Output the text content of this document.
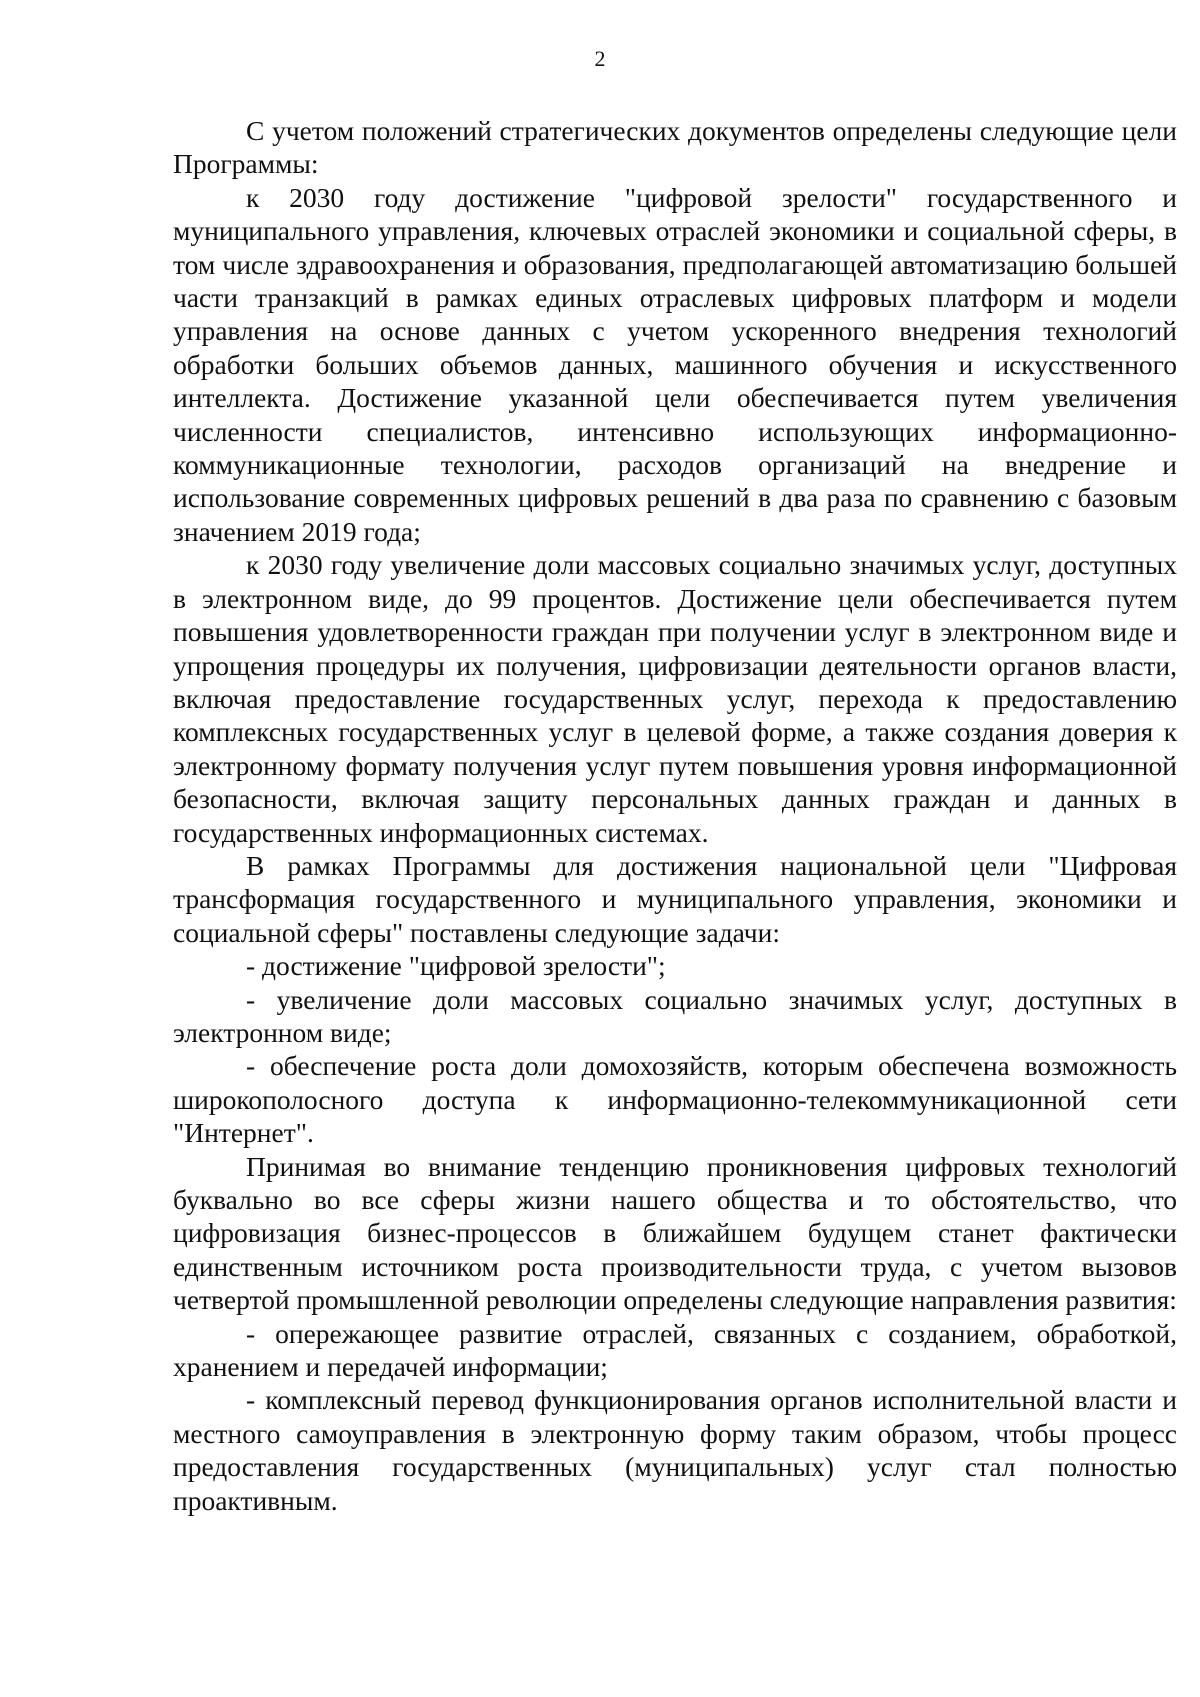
2

С учетом положений стратегических документов определены следующие цели Программы:

к 2030 году достижение "цифровой зрелости" государственного и муниципального управления, ключевых отраслей экономики и социальной сферы, в том числе здравоохранения и образования, предполагающей автоматизацию большей части транзакций в рамках единых отраслевых цифровых платформ и модели управления на основе данных с учетом ускоренного внедрения технологий обработки больших объемов данных, машинного обучения и искусственного интеллекта. Достижение указанной цели обеспечивается путем увеличения численности специалистов, интенсивно использующих информационно-коммуникационные технологии, расходов организаций на внедрение и использование современных цифровых решений в два раза по сравнению с базовым значением 2019 года;

к 2030 году увеличение доли массовых социально значимых услуг, доступных в электронном виде, до 99 процентов. Достижение цели обеспечивается путем повышения удовлетворенности граждан при получении услуг в электронном виде и упрощения процедуры их получения, цифровизации деятельности органов власти, включая предоставление государственных услуг, перехода к предоставлению комплексных государственных услуг в целевой форме, а также создания доверия к электронному формату получения услуг путем повышения уровня информационной безопасности, включая защиту персональных данных граждан и данных в государственных информационных системах.

В рамках Программы для достижения национальной цели "Цифровая трансформация государственного и муниципального управления, экономики и социальной сферы" поставлены следующие задачи:

- достижение "цифровой зрелости";

- увеличение доли массовых социально значимых услуг, доступных в электронном виде;

- обеспечение роста доли домохозяйств, которым обеспечена возможность широкополосного доступа к информационно-телекоммуникационной сети "Интернет".

Принимая во внимание тенденцию проникновения цифровых технологий буквально во все сферы жизни нашего общества и то обстоятельство, что цифровизация бизнес-процессов в ближайшем будущем станет фактически единственным источником роста производительности труда, с учетом вызовов четвертой промышленной революции определены следующие направления развития:

- опережающее развитие отраслей, связанных с созданием, обработкой, хранением и передачей информации;

- комплексный перевод функционирования органов исполнительной власти и местного самоуправления в электронную форму таким образом, чтобы процесс предоставления государственных (муниципальных) услуг стал полностью проактивным.
